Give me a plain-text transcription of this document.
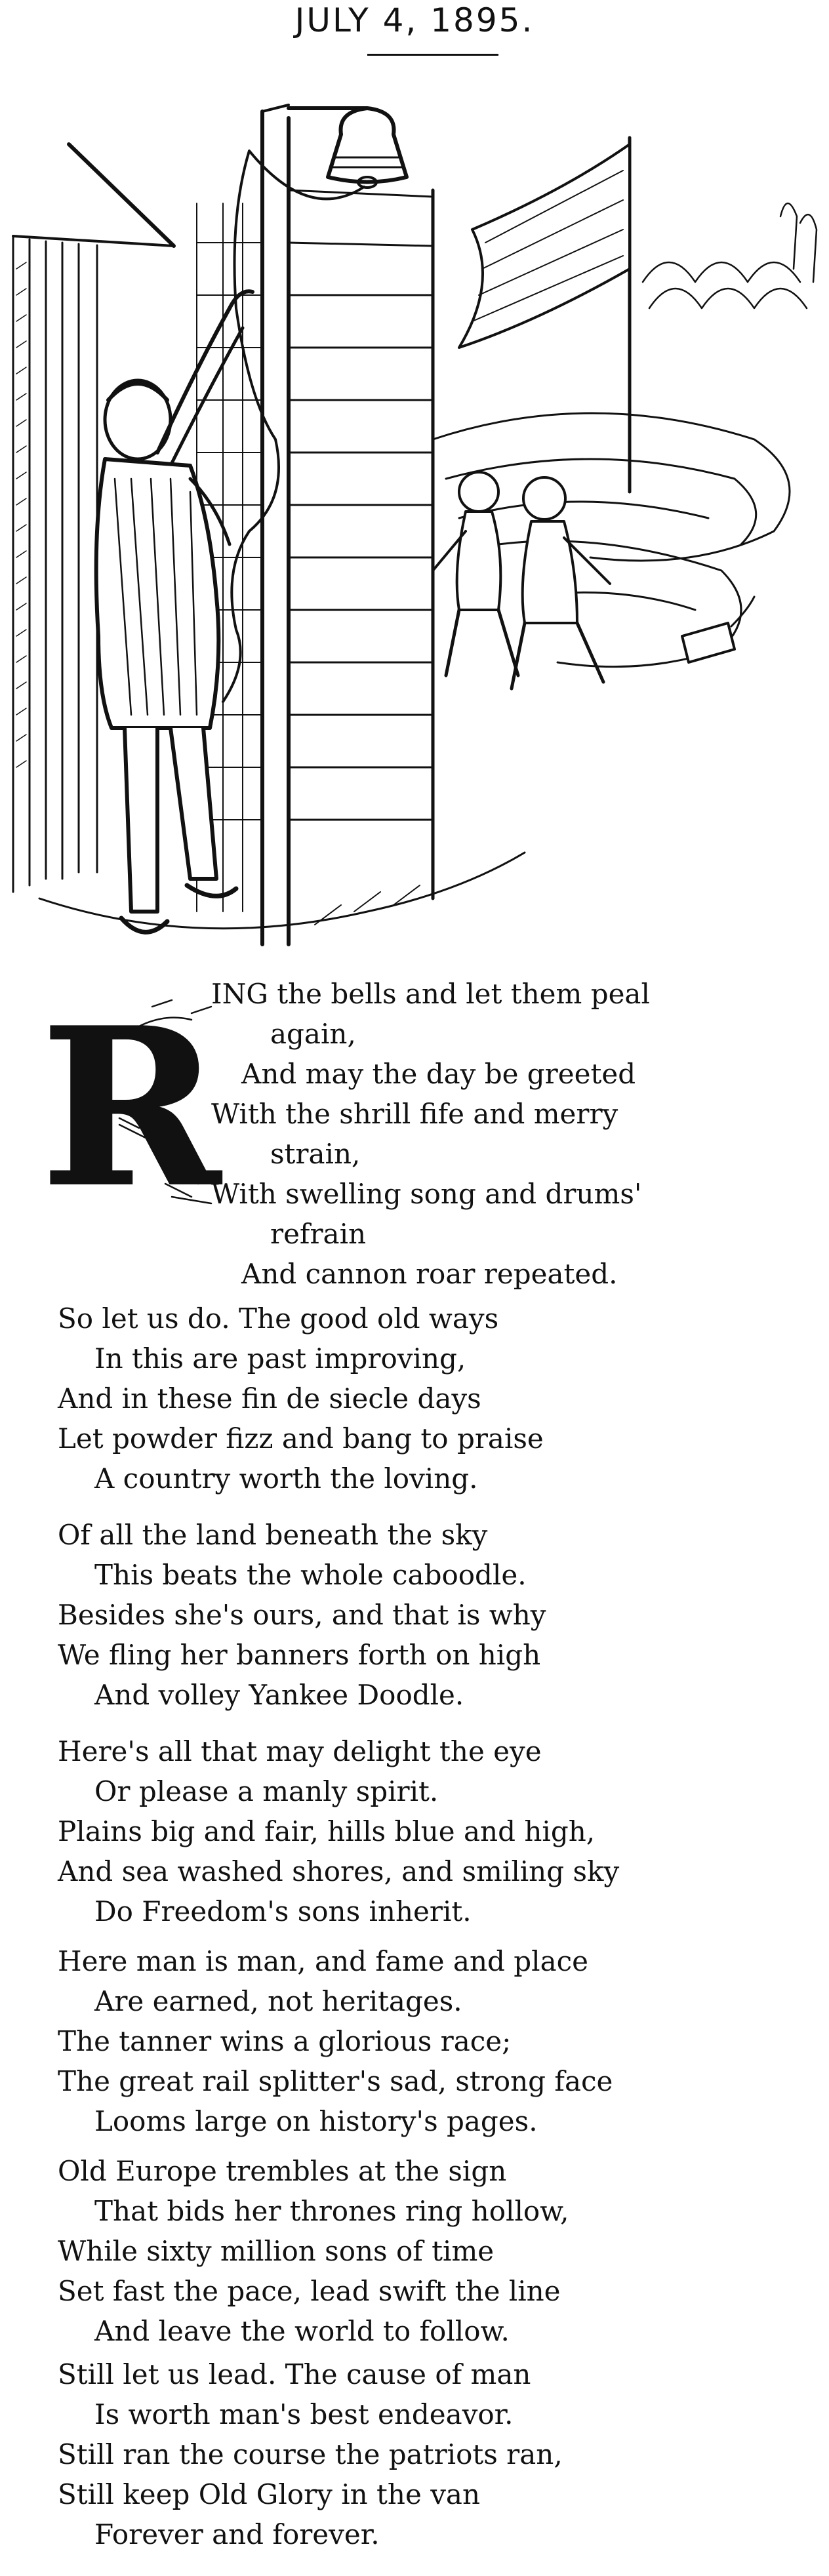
JULY 4, 1895.
R
ING the bells and let them peal
again,
And may the day be greeted
With the shrill fife and merry
strain,
With swelling song and drums'
refrain
And cannon roar repeated.
So let us do. The good old ways
In this are past improving,
And in these fin de siecle days
Let powder fizz and bang to praise
A country worth the loving.
Of all the land beneath the sky
This beats the whole caboodle.
Besides she's ours, and that is why
We fling her banners forth on high
And volley Yankee Doodle.
Here's all that may delight the eye
Or please a manly spirit.
Plains big and fair, hills blue and high,
And sea washed shores, and smiling sky
Do Freedom's sons inherit.
Here man is man, and fame and place
Are earned, not heritages.
The tanner wins a glorious race;
The great rail splitter's sad, strong face
Looms large on history's pages.
Old Europe trembles at the sign
That bids her thrones ring hollow,
While sixty million sons of time
Set fast the pace, lead swift the line
And leave the world to follow.
Still let us lead. The cause of man
Is worth man's best endeavor.
Still ran the course the patriots ran,
Still keep Old Glory in the van
Forever and forever.
